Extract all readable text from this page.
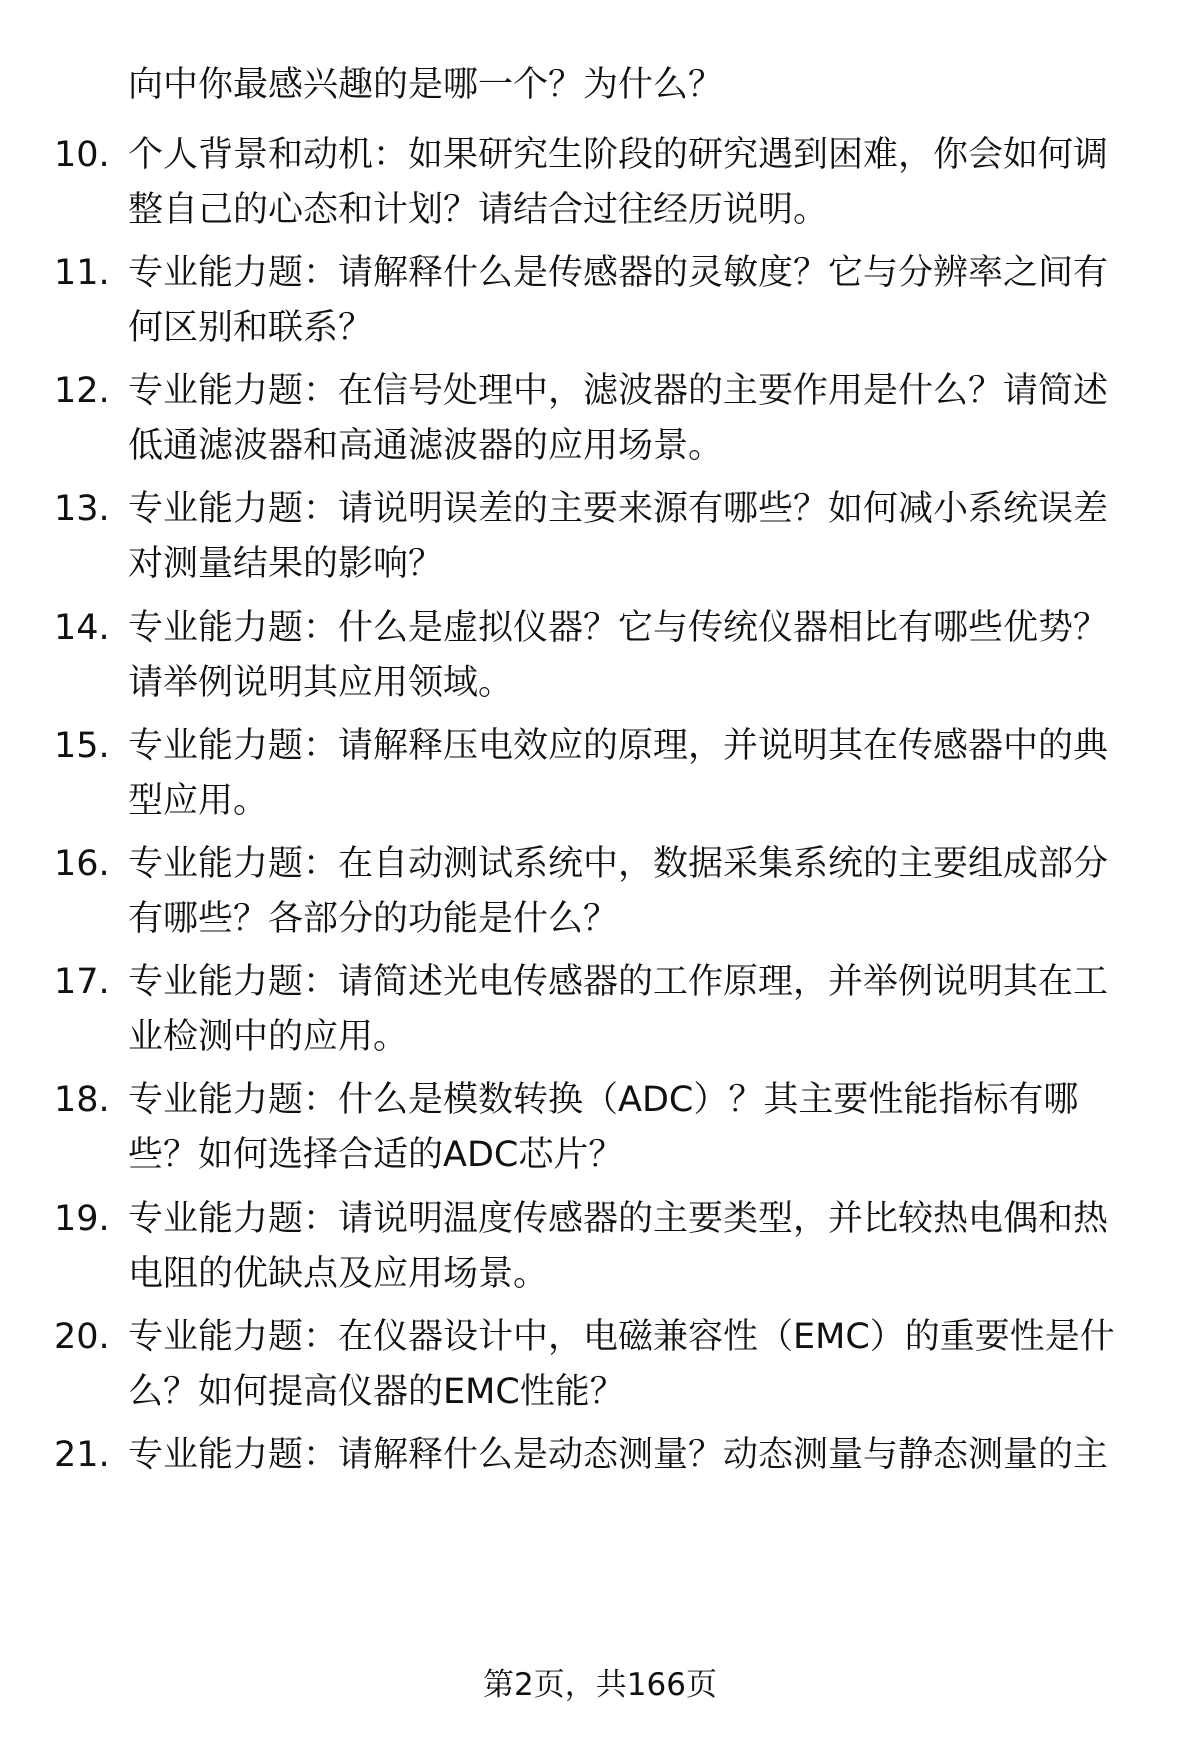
向中你最感兴趣的是哪一个？为什么？
10. 个人背景和动机：如果研究生阶段的研究遇到困难，你会如何调
整自己的心态和计划？请结合过往经历说明。
11. 专业能力题：请解释什么是传感器的灵敏度？它与分辨率之间有
何区别和联系？
12. 专业能力题：在信号处理中，滤波器的主要作用是什么？请简述
低通滤波器和高通滤波器的应用场景。
13. 专业能力题：请说明误差的主要来源有哪些？如何减小系统误差
对测量结果的影响？
14. 专业能力题：什么是虚拟仪器？它与传统仪器相比有哪些优势？
请举例说明其应用领域。
15. 专业能力题：请解释压电效应的原理，并说明其在传感器中的典
型应用。
16. 专业能力题：在自动测试系统中，数据采集系统的主要组成部分
有哪些？各部分的功能是什么？
17. 专业能力题：请简述光电传感器的工作原理，并举例说明其在工
业检测中的应用。
18. 专业能力题：什么是模数转换（ADC）？其主要性能指标有哪
些？如何选择合适的ADC芯片？
19. 专业能力题：请说明温度传感器的主要类型，并比较热电偶和热
电阻的优缺点及应用场景。
20. 专业能力题：在仪器设计中，电磁兼容性（EMC）的重要性是什
么？如何提高仪器的EMC性能？
21. 专业能力题：请解释什么是动态测量？动态测量与静态测量的主
第2页，共166页
